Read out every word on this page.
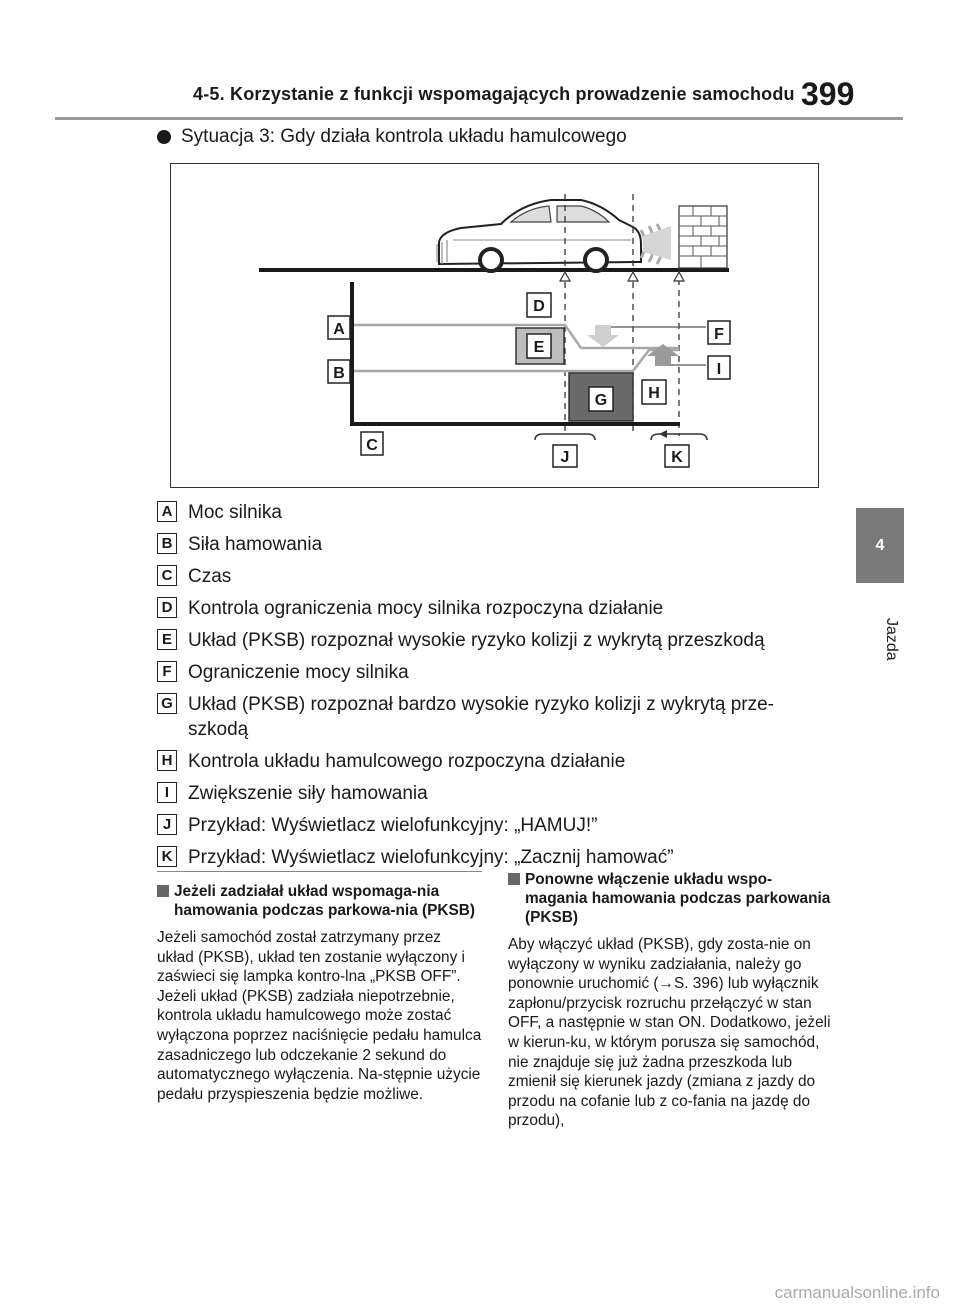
4-5. Korzystanie z funkcji wspomagających prowadzenie samochodu 399
4
Jazda
Sytuacja 3: Gdy działa kontrola układu hamulcowego
A
B
C
D
E
F
G	H
I
J	K
A Moc silnika
B Siła hamowania
C Czas
D Kontrola ograniczenia mocy silnika rozpoczyna działanie
E Układ (PKSB) rozpoznał wysokie ryzyko kolizji z wykrytą przeszkodą
F Ograniczenie mocy silnika
G Układ (PKSB) rozpoznał bardzo wysokie ryzyko kolizji z wykrytą prze-szkodą
H Kontrola układu hamulcowego rozpoczyna działanie
I Zwiększenie siły hamowania
J Przykład: Wyświetlacz wielofunkcyjny: „HAMUJ!”
K Przykład: Wyświetlacz wielofunkcyjny: „Zacznij hamować”
Jeżeli zadziałał układ wspomaga-nia hamowania podczas parkowa-nia (PKSB)

Jeżeli samochód został zatrzymany przez układ (PKSB), układ ten zostanie wyłączony i zaświeci się lampka kontro-lna „PKSB OFF”. Jeżeli układ (PKSB) zadziała niepotrzebnie, kontrola układu hamulcowego może zostać wyłączona poprzez naciśnięcie pedału hamulca zasadniczego lub odczekanie 2 sekund do automatycznego wyłączenia. Na-stępnie użycie pedału przyspieszenia będzie możliwe.

Ponowne włączenie układu wspo-magania hamowania podczas parkowania (PKSB)

Aby włączyć układ (PKSB), gdy zosta-nie on wyłączony w wyniku zadziałania, należy go ponownie uruchomić (→S. 396) lub wyłącznik zapłonu/przycisk rozruchu przełączyć w stan OFF, a następnie w stan ON. Dodatkowo, jeżeli w kierun-ku, w którym porusza się samochód, nie znajduje się już żadna przeszkoda lub zmienił się kierunek jazdy (zmiana z jazdy do przodu na cofanie lub z co-fania na jazdę do przodu),

carmanualsonline.info
